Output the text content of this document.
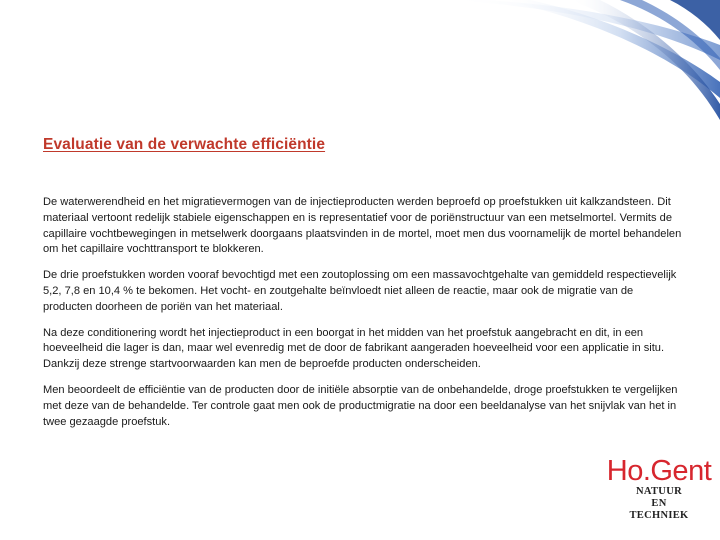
Evaluatie van de verwachte efficiëntie

De waterwerendheid en het migratievermogen van de injectieproducten werden beproefd op proefstukken uit kalkzandsteen. Dit materiaal vertoont redelijk stabiele eigenschappen en is representatief voor de poriënstructuur van een metselmortel. Vermits de capillaire vochtbewegingen in metselwerk doorgaans plaatsvinden in de mortel, moet men dus voornamelijk de mortel behandelen om het capillaire vochttransport te blokkeren.

De drie proefstukken worden vooraf bevochtigd met een zoutoplossing om een massavochtgehalte van gemiddeld respectievelijk 5,2, 7,8 en 10,4 % te bekomen. Het vocht- en zoutgehalte beïnvloedt niet alleen de reactie, maar ook de migratie van de producten doorheen de poriën van het materiaal.

Na deze conditionering wordt het injectieproduct in een boorgat in het midden van het proefstuk aangebracht en dit, in een hoeveelheid die lager is dan, maar wel evenredig met de door de fabrikant aangeraden hoeveelheid voor een applicatie in situ. Dankzij deze strenge startvoorwaarden kan men de beproefde producten onderscheiden.

Men beoordeelt de efficiëntie van de producten door de initiële absorptie van de onbehandelde, droge proefstukken te vergelijken met deze van de behandelde. Ter controle gaat men ook de productmigratie na door een beeldanalyse van het snijvlak van het in twee gezaagde proefstuk.

Ho.Gent
NATUUR
EN
TECHNIEK
